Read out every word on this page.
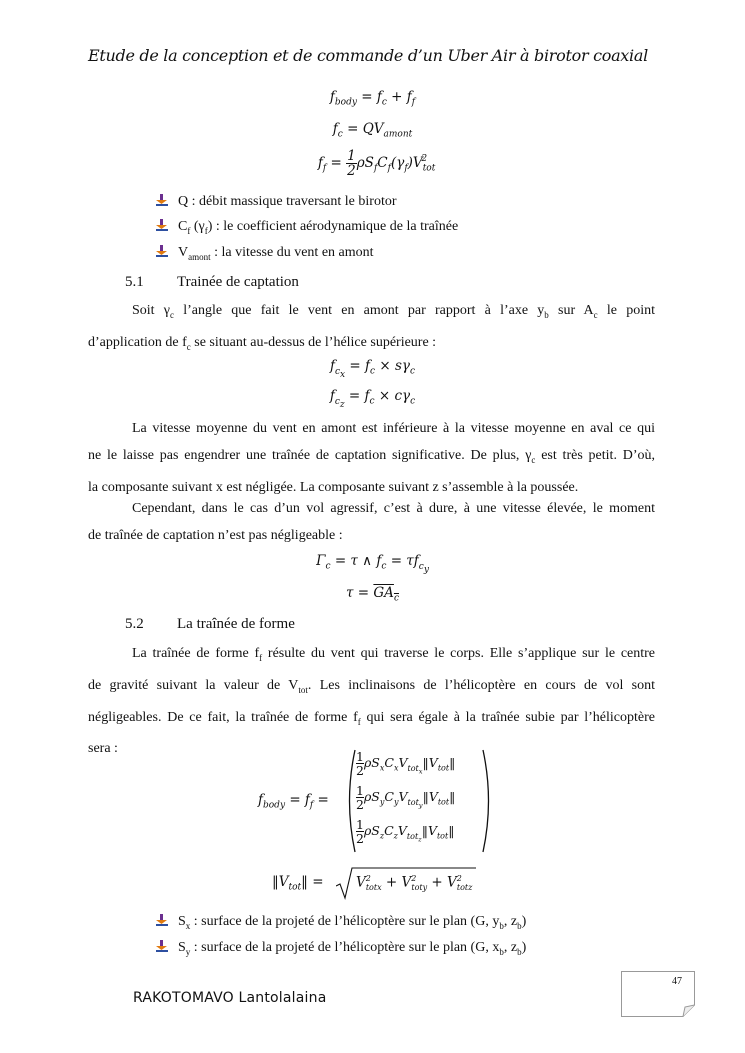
Etude de la conception et de commande d’un Uber Air à birotor coaxial
$f_{body} = f_c + f_f$
$f_c = QV_{amont}$
$f_f = \frac{1}{2} \rho S_fC_f(\gamma_f)V_{tot}^2$
Q : débit massique traversant le birotor
$C_f$ $(\gamma_f)$ : le coefficient aérodynamique de la traînée
$V_{amont}$ : la vitesse du vent en amont
5.1 Trainée de captation
Soit $\gamma_c$ l’angle que fait le vent en amont par rapport à l’axe $y_b$ sur $A_c$ le point
d’application de $f_c$ se situant au-dessus de l’hélice supérieure :
$f_{c_x} = f_c \times s\gamma_c$
$f_{c_z} = f_c \times c\gamma_c$
La vitesse moyenne du vent en amont est inférieure à la vitesse moyenne en aval ce qui
ne le laisse pas engendrer une traînée de captation significative. De plus, $\gamma_c$ est très petit. D’où,
la composante suivant x est négligée. La composante suivant z s’assemble à la poussée.
Cependant, dans le cas d’un vol agressif, c’est à dure, à une vitesse élevée, le moment
de traînée de captation n’est pas négligeable :
$\Gamma_c = \tau$ ∧ $f_c = \tau f_{c_y}$
$\tau = GA_c$
5.2 La traînée de forme
La traînée de forme $f_f$ résulte du vent qui traverse le corps. Elle s’applique sur le centre
de gravité suivant la valeur de $V_{tot}$. Les inclinaisons de l’hélicoptère en cours de vol sont
négligeables. De ce fait, la traînée de forme $f_f$ qui sera égale à la traînée subie par l’hélicoptère
sera :
$f_{body} = f_f$ =
$\frac{1}{2}$ $\rho S_xC_xV_{tot_x}‖V_{tot}‖$
$\frac{1}{2}$ $\rho S_yC_yV_{tot_y}‖V_{tot}‖$
$\frac{1}{2}$ $\rho S_zC_zV_{tot_z}‖V_{tot}‖$
$‖V_{tot}‖ = V^2_{totx} + V^2_{toty} + V^2_{totz}$
$S_x$ : surface de la projeté de l’hélicoptère sur le plan (G, $y_b$, $z_b$)
$S_y$ : surface de la projeté de l’hélicoptère sur le plan (G, $x_b$, $z_b$)
47
RAKOTOMAVO Lantolalaina
